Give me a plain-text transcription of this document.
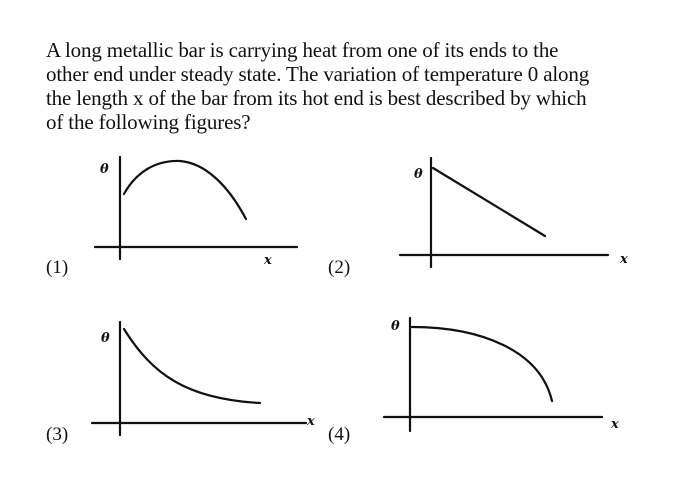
A long metallic bar is carrying heat from one of its ends to the
other end under steady state. The variation of temperature 0 along
the length x of the bar from its hot end is best described by which
of the following figures?

θ
x
θ
x
θ
x
θ
x
(1)	(2)
(3)	(4)
